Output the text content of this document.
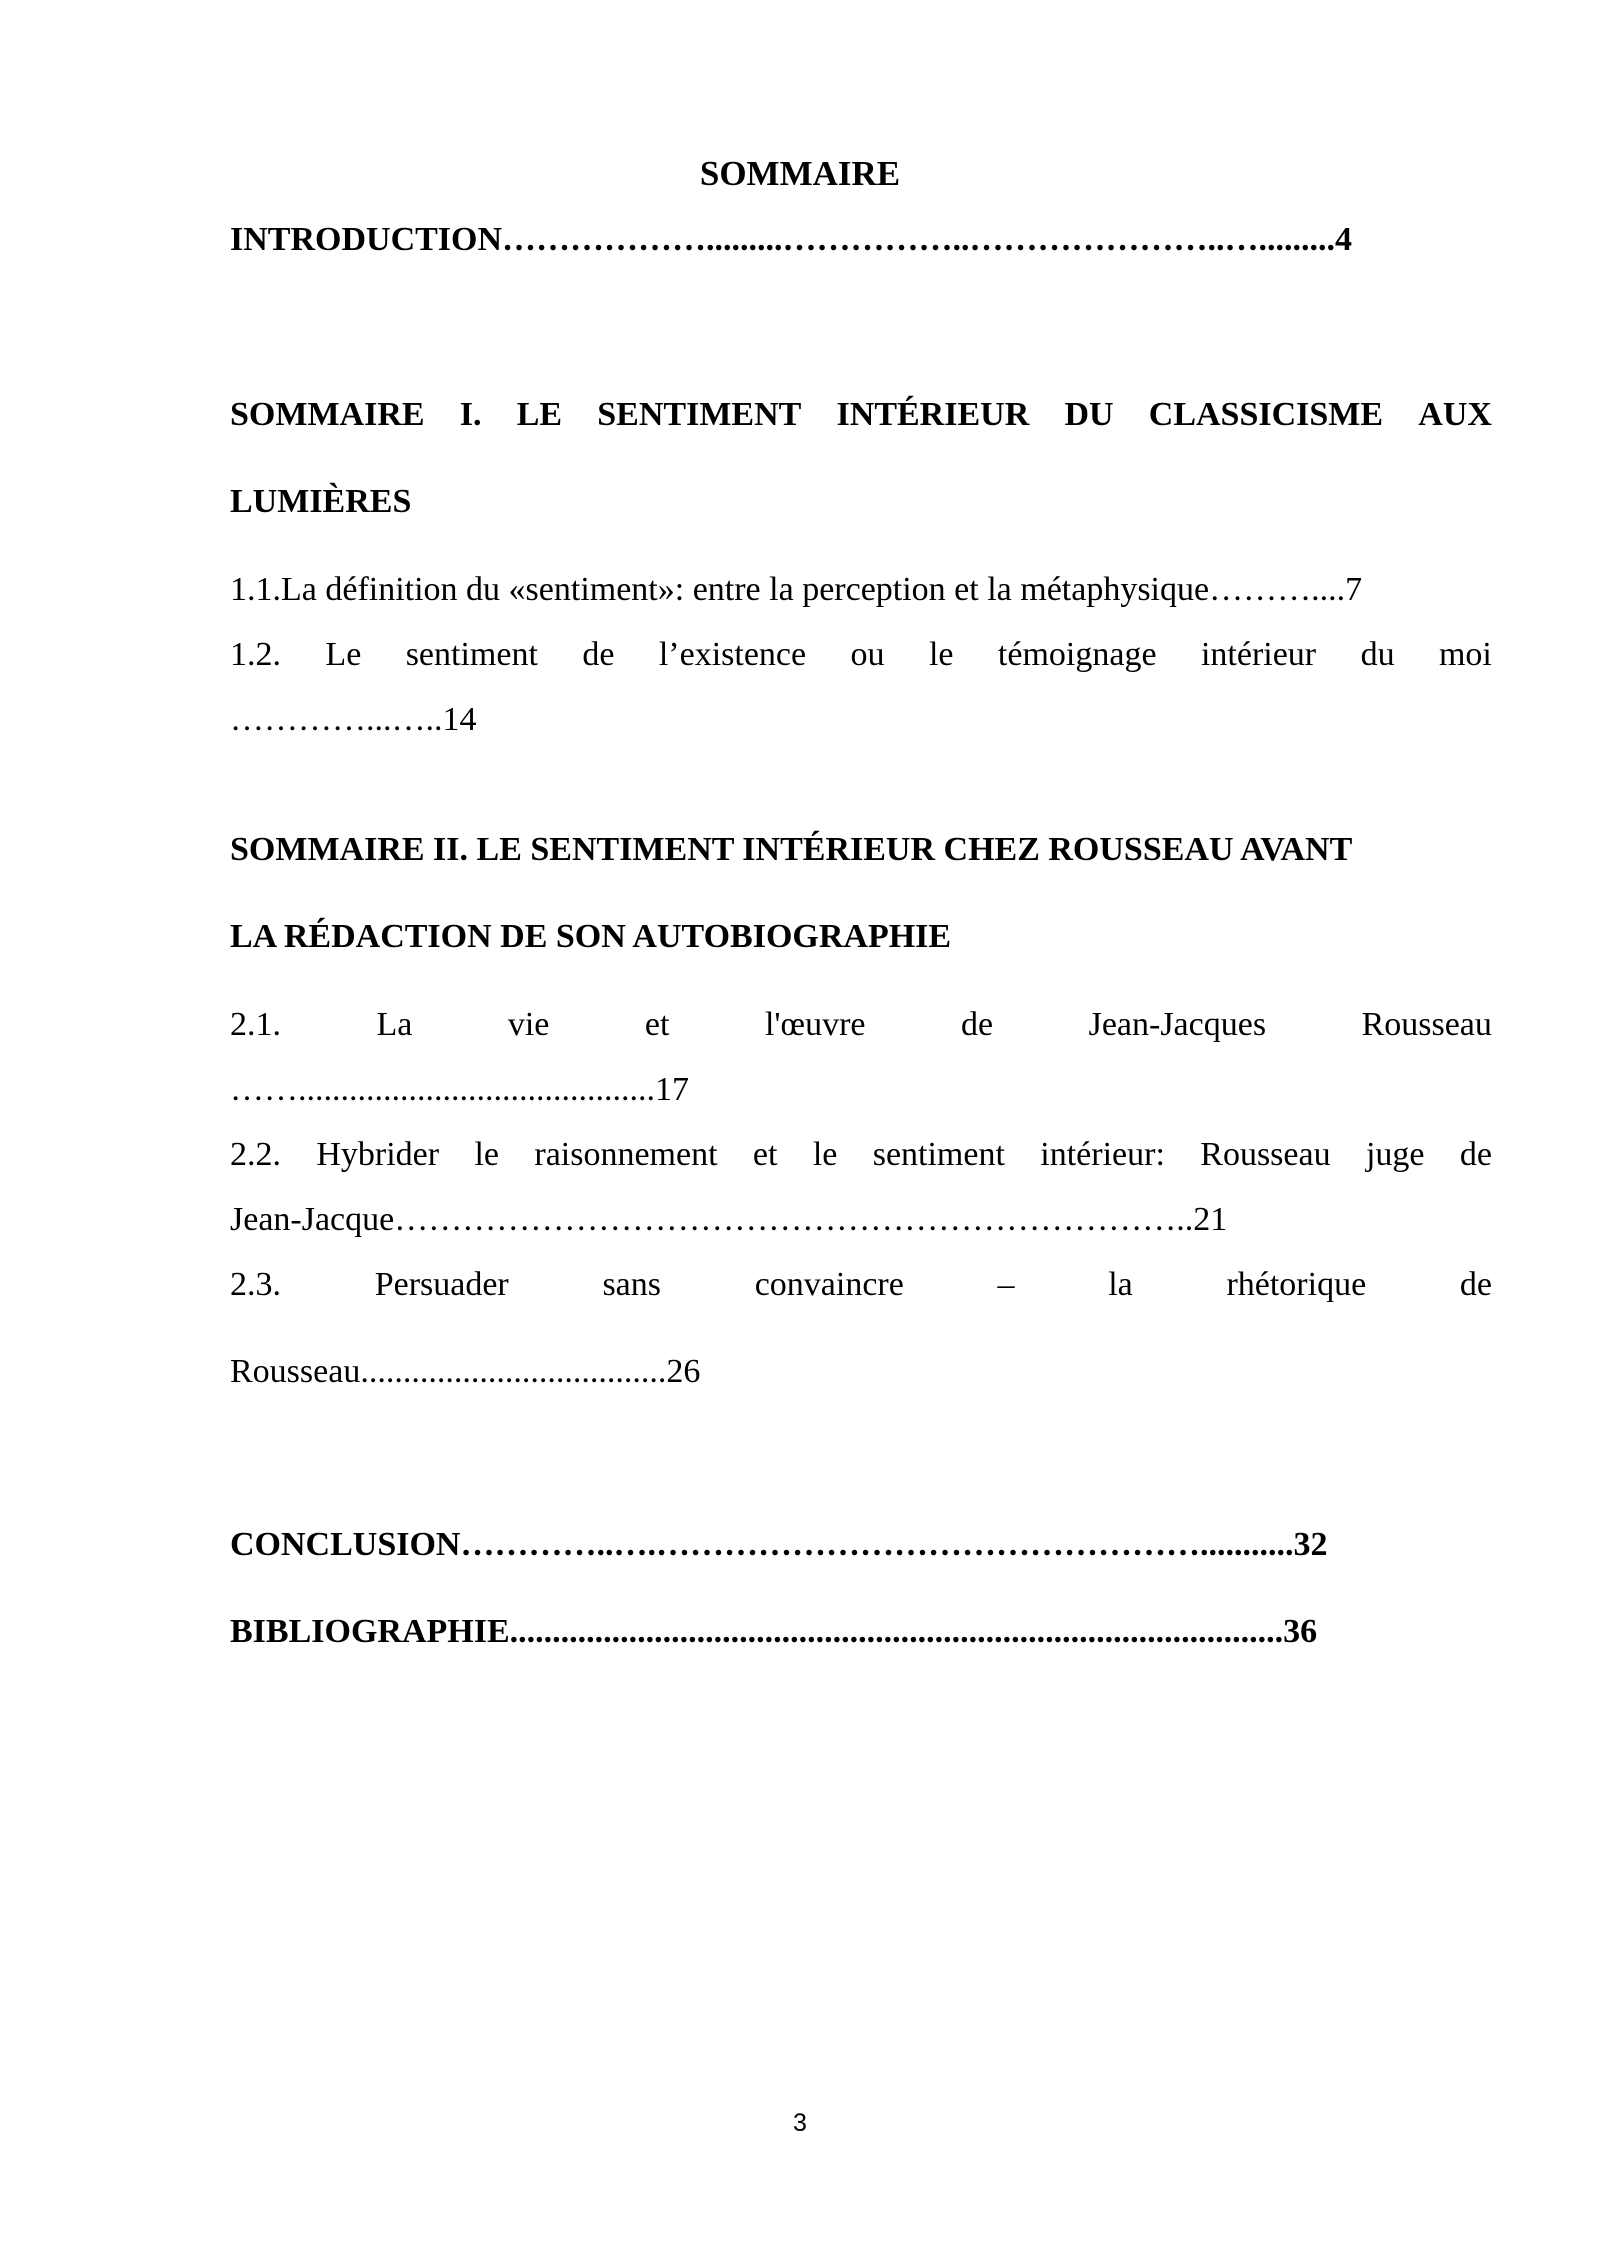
SOMMAIRE
INTRODUCTION……………….........……………..…………………..….........4
SOMMAIRE I. LE SENTIMENT INTÉRIEUR DU CLASSICISME AUX
LUMIÈRES
1.1.La définition du «sentiment»: entre la perception et la métaphysique………....7
1.2. Le sentiment de l’existence ou le témoignage intérieur du moi
…………...…..14
SOMMAIRE II. LE SENTIMENT INTÉRIEUR CHEZ ROUSSEAU AVANT
LA RÉDACTION DE SON AUTOBIOGRAPHIE
2.1.	La	vie	et	l'œuvre	de	Jean-Jacques	Rousseau
……..........................................17
2.2. Hybrider le raisonnement et le sentiment intérieur: Rousseau juge de
Jean-Jacque……………………………………………………………..21
2.3.	Persuader	sans	convaincre	–	la	rhétorique	de
Rousseau....................................26
CONCLUSION…………..….…………………………………………...........32
BIBLIOGRAPHIE...........................................................................................36
3
